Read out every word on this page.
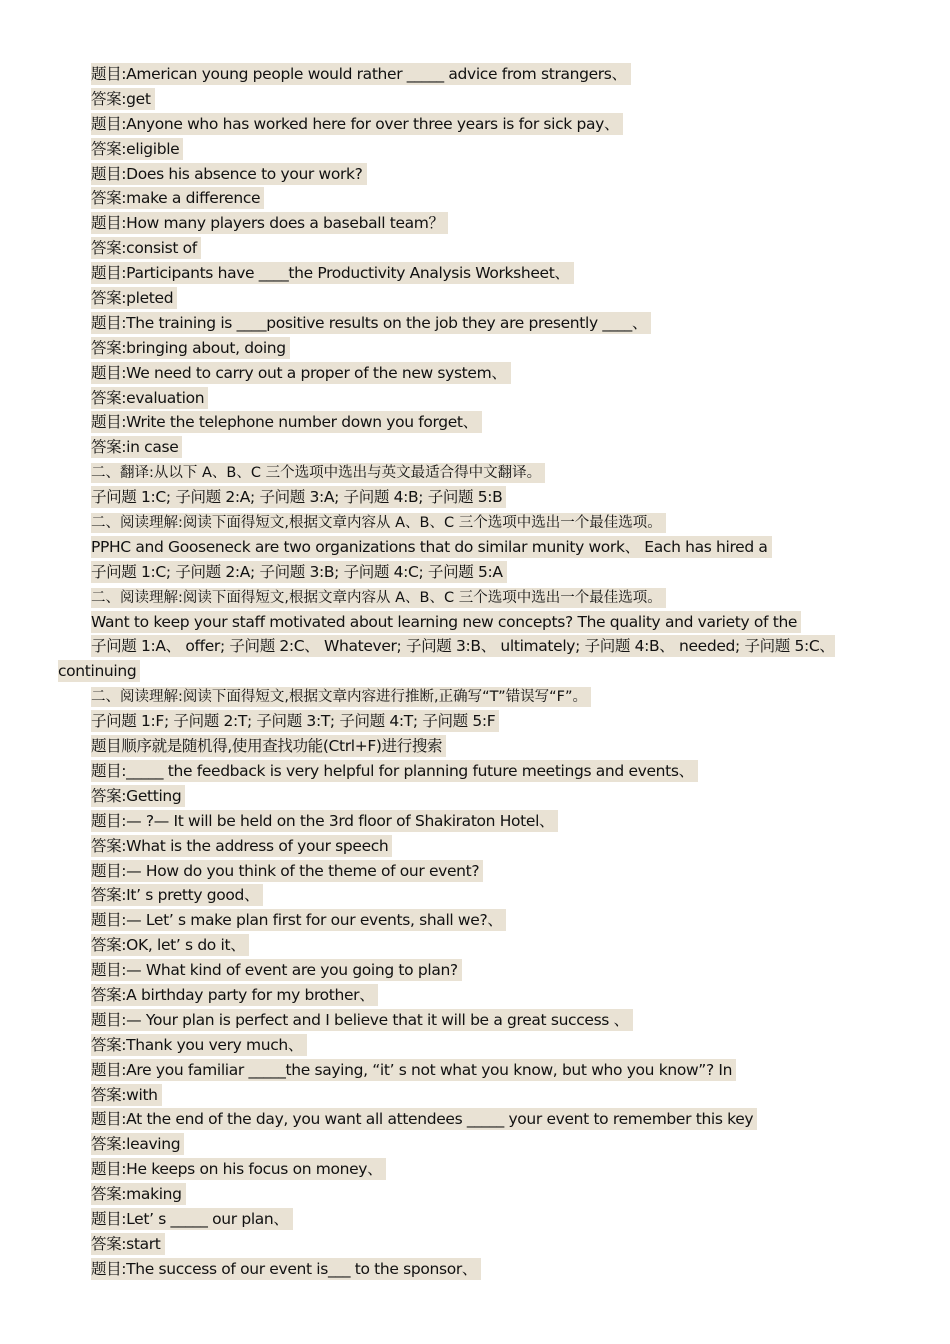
题目:American young people would rather _____ advice from strangers、
答案:get
题目:Anyone who has worked here for over three years is for sick pay、
答案:eligible
题目:Does his absence to your work?
答案:make a difference
题目:How many players does a baseball team？
答案:consist of
题目:Participants have ____the Productivity Analysis Worksheet、
答案:pleted
题目:The training is ____positive results on the job they are presently ____、
答案:bringing about, doing
题目:We need to carry out a proper of the new system、
答案:evaluation
题目:Write the telephone number down you forget、
答案:in case
二、翻译:从以下 A、B、C 三个选项中选出与英文最适合得中文翻译。
子问题 1:C; 子问题 2:A; 子问题 3:A; 子问题 4:B; 子问题 5:B
二、阅读理解:阅读下面得短文,根据文章内容从 A、B、C 三个选项中选出一个最佳选项。
PPHC and Gooseneck are two organizations that do similar munity work、 Each has hired a
子问题 1:C; 子问题 2:A; 子问题 3:B; 子问题 4:C; 子问题 5:A
二、阅读理解:阅读下面得短文,根据文章内容从 A、B、C 三个选项中选出一个最佳选项。
Want to keep your staff motivated about learning new concepts? The quality and variety of the
子问题 1:A、 offer; 子问题 2:C、 Whatever; 子问题 3:B、 ultimately; 子问题 4:B、 needed; 子问题 5:C、 continuing
二、阅读理解:阅读下面得短文,根据文章内容进行推断,正确写“T”错误写“F”。
子问题 1:F; 子问题 2:T; 子问题 3:T; 子问题 4:T; 子问题 5:F
题目顺序就是随机得,使用查找功能(Ctrl+F)进行搜索
题目:_____ the feedback is very helpful for planning future meetings and events、
答案:Getting
题目:— ?— It will be held on the 3rd floor of Shakiraton Hotel、
答案:What is the address of your speech
题目:— How do you think of the theme of our event?
答案:It’ s pretty good、
题目:— Let’ s make plan first for our events, shall we?、
答案:OK, let’ s do it、
题目:— What kind of event are you going to plan?
答案:A birthday party for my brother、
题目:— Your plan is perfect and I believe that it will be a great success 、
答案:Thank you very much、
题目:Are you familiar _____the saying, “it’ s not what you know, but who you know”? In
答案:with
题目:At the end of the day, you want all attendees _____ your event to remember this key
答案:leaving
题目:He keeps on his focus on money、
答案:making
题目:Let’ s _____ our plan、
答案:start
题目:The success of our event is___ to the sponsor、
